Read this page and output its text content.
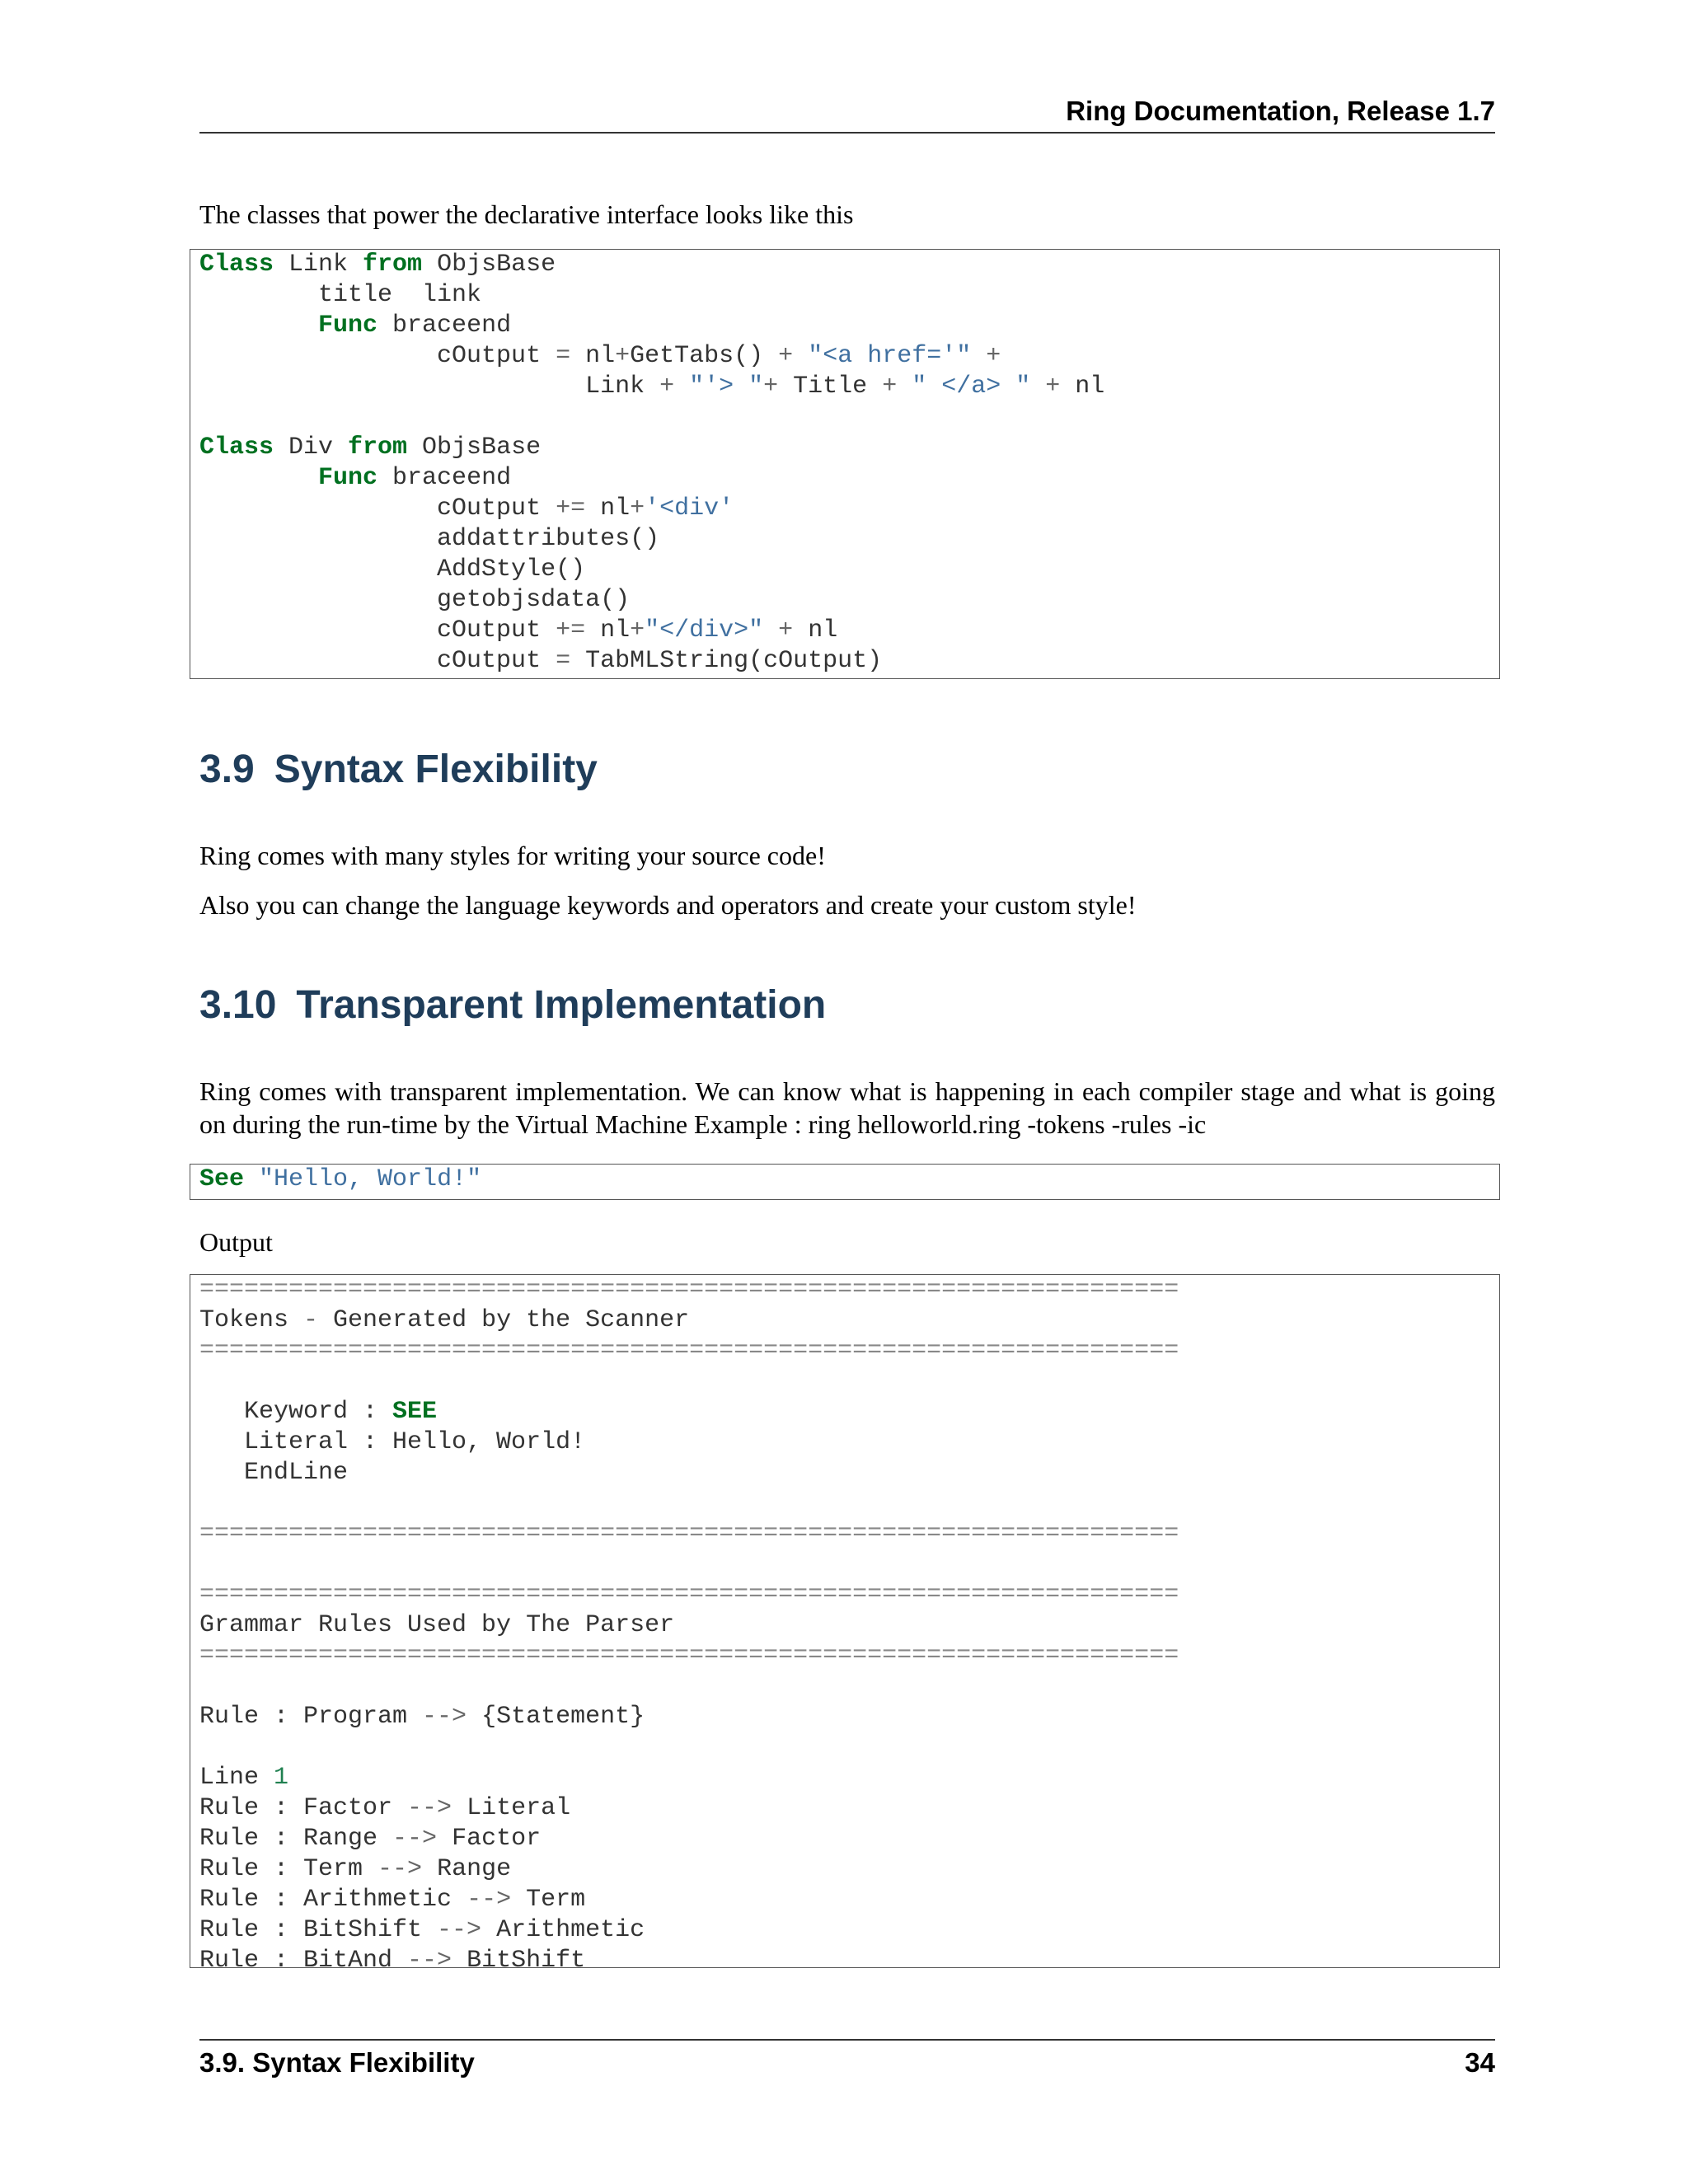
Ring Documentation, Release 1.7

The classes that power the declarative interface looks like this

Class Link from ObjsBase
title  link
Func braceend
cOutput = nl+GetTabs() + "<a href='" +
Link + "'> "+ Title + " </a> " + nl

Class Div from ObjsBase
Func braceend
cOutput += nl+'<div'
addattributes()
AddStyle()
getobjsdata()
cOutput += nl+"</div>" + nl
cOutput = TabMLString(cOutput)
3.9 Syntax Flexibility

Ring comes with many styles for writing your source code!

Also you can change the language keywords and operators and create your custom style!

3.10 Transparent Implementation

Ring comes with transparent implementation. We can know what is happening in each compiler stage and what is going on during the run-time by the Virtual Machine Example : ring helloworld.ring -tokens -rules -ic

See "Hello, World!"

Output

==================================================================
Tokens - Generated by the Scanner
==================================================================

Keyword : SEE
Literal : Hello, World!
EndLine

==================================================================

==================================================================
Grammar Rules Used by The Parser
==================================================================

Rule : Program --> {Statement}

Line 1
Rule : Factor --> Literal
Rule : Range --> Factor
Rule : Term --> Range
Rule : Arithmetic --> Term
Rule : BitShift --> Arithmetic
Rule : BitAnd --> BitShift
3.9. Syntax Flexibility	34
